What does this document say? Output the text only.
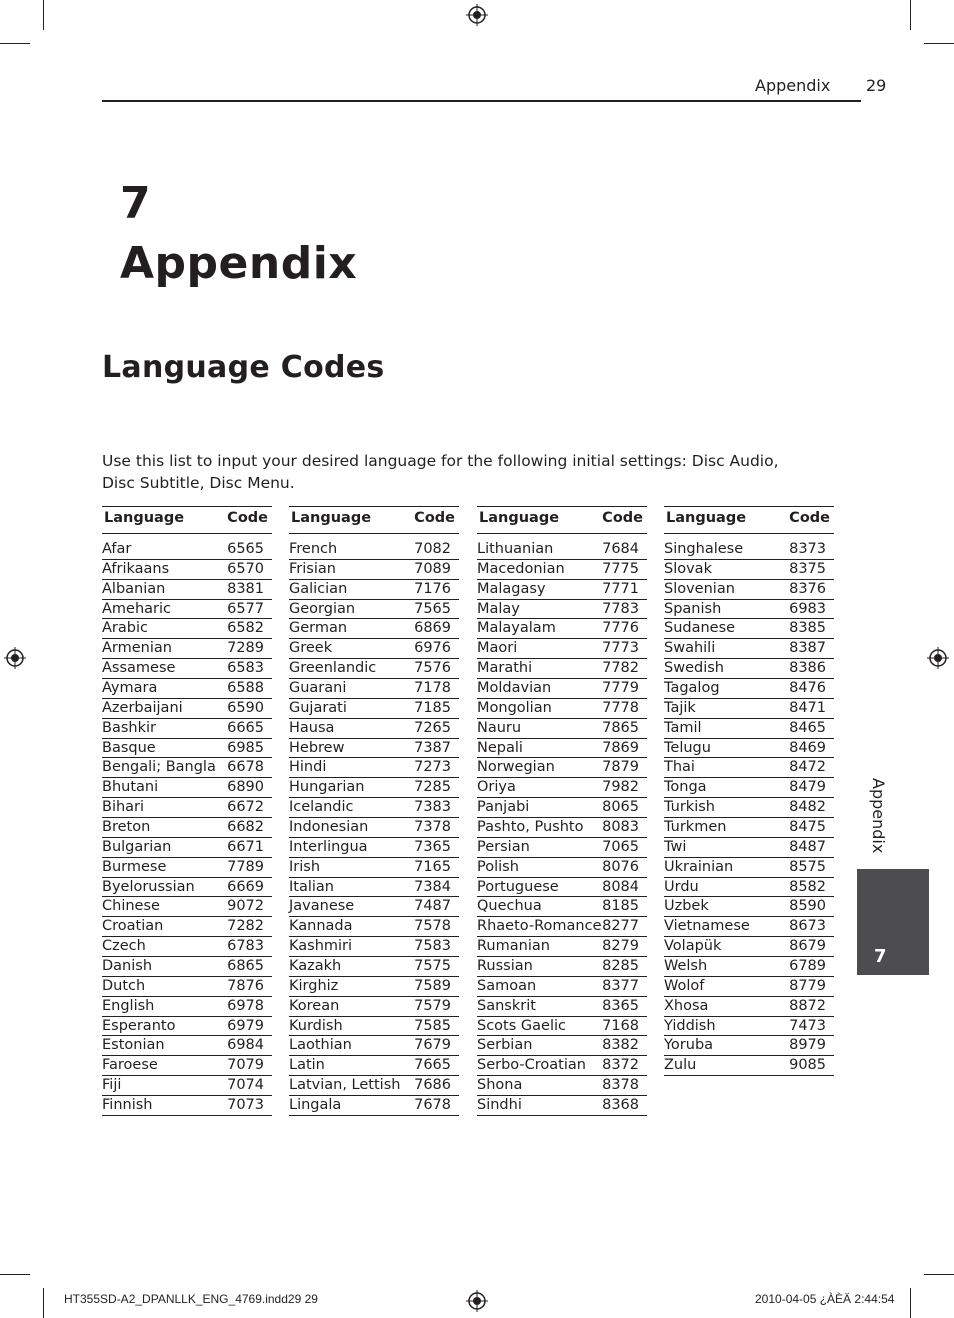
Appendix 29
7
Appendix
Language Codes
Use this list to input your desired language for the following initial settings: Disc Audio, Disc Subtitle, Disc Menu.
Language	Code
Afar	6565
Afrikaans	6570
Albanian	8381
Ameharic	6577
Arabic	6582
Armenian	7289
Assamese	6583
Aymara	6588
Azerbaijani	6590
Bashkir	6665
Basque	6985
Bengali; Bangla 6678
Bhutani	6890
Bihari	6672
Breton	6682
Bulgarian	6671
Burmese	7789
Byelorussian 6669
Chinese	9072
Croatian	7282
Czech	6783
Danish	6865
Dutch	7876
English	6978
Esperanto	6979
Estonian	6984
Faroese	7079
Fiji	7074
Finnish	7073
Language	Code
French	7082
Frisian	7089
Galician	7176
Georgian	7565
German	6869
Greek	6976
Greenlandic	7576
Guarani	7178
Gujarati	7185
Hausa	7265
Hebrew	7387
Hindi	7273
Hungarian	7285
Icelandic	7383
Indonesian	7378
Interlingua	7365
Irish	7165
Italian	7384
Javanese	7487
Kannada	7578
Kashmiri	7583
Kazakh	7575
Kirghiz	7589
Korean	7579
Kurdish	7585
Laothian	7679
Latin	7665
Latvian, Lettish 7686
Lingala	7678
Language	Code
Lithuanian	7684
Macedonian	7775
Malagasy	7771
Malay	7783
Malayalam	7776
Maori	7773
Marathi	7782
Moldavian	7779
Mongolian	7778
Nauru	7865
Nepali	7869
Norwegian	7879
Oriya	7982
Panjabi	8065
Pashto, Pushto 8083
Persian	7065
Polish	8076
Portuguese	8084
Quechua	8185
Rhaeto-Romance 8277
Rumanian	8279
Russian	8285
Samoan	8377
Sanskrit	8365
Scots Gaelic 7168
Serbian	8382
Serbo-Croatian 8372
Shona	8378
Sindhi	8368
Language	Code
Singhalese	8373
Slovak	8375
Slovenian	8376
Spanish	6983
Sudanese	8385
Swahili	8387
Swedish	8386
Tagalog	8476
Tajik	8471
Tamil	8465
Telugu	8469
Thai	8472
Tonga	8479
Turkish	8482
Turkmen	8475
Twi	8487
Ukrainian	8575
Urdu	8582
Uzbek	8590
Vietnamese	8673
Volapük	8679
Welsh	6789
Wolof	8779
Xhosa	8872
Yiddish	7473
Yoruba	8979
Zulu	9085
Appendix
7
HT355SD-A2_DPANLLK_ENG_4769.indd29 29	2010-04-05 ¿ÀÈÄ 2:44:54
